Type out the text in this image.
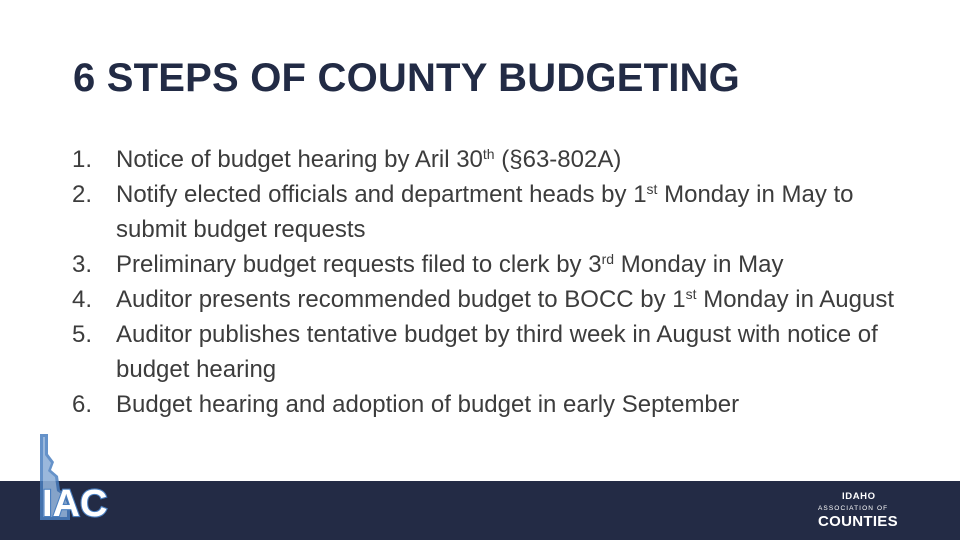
6 STEPS OF COUNTY BUDGETING
1. Notice of budget hearing by Aril 30th (§63-802A)
2. Notify elected officials and department heads by 1st Monday in May to submit budget requests
3. Preliminary budget requests filed to clerk by 3rd Monday in May
4. Auditor presents recommended budget to BOCC by 1st Monday in August
5. Auditor publishes tentative budget by third week in August with notice of budget hearing
6. Budget hearing and adoption of budget in early September
IAC	IDAHO
ASSOCIATION OF
COUNTIES
